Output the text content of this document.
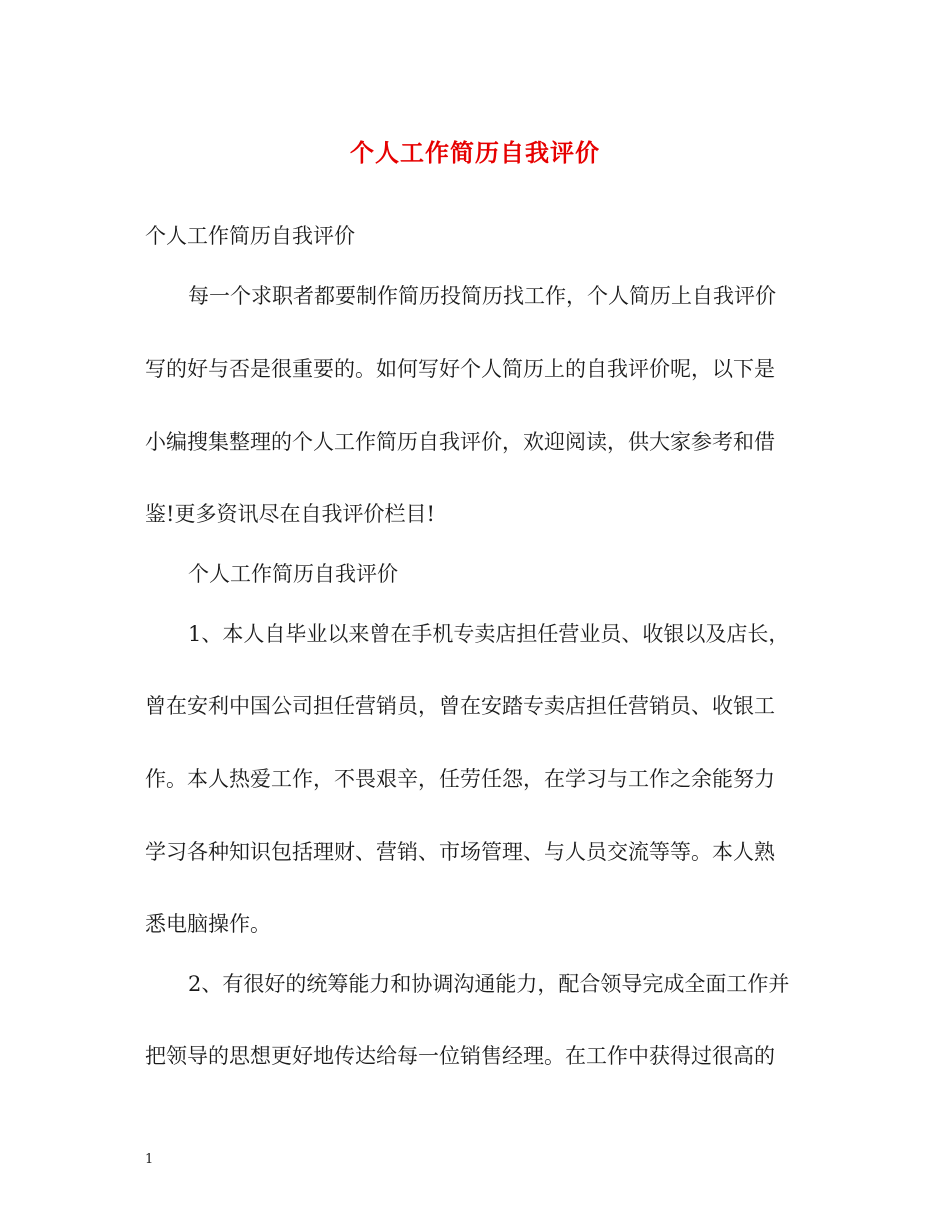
个人工作简历自我评价
个人工作简历自我评价
每一个求职者都要制作简历投简历找工作，个人简历上自我评价
写的好与否是很重要的。如何写好个人简历上的自我评价呢，以下是
小编搜集整理的个人工作简历自我评价，欢迎阅读，供大家参考和借
鉴!更多资讯尽在自我评价栏目!
个人工作简历自我评价
1、本人自毕业以来曾在手机专卖店担任营业员、收银以及店长，
曾在安利中国公司担任营销员，曾在安踏专卖店担任营销员、收银工
作。本人热爱工作，不畏艰辛，任劳任怨，在学习与工作之余能努力
学习各种知识包括理财、营销、市场管理、与人员交流等等。本人熟
悉电脑操作。
2、有很好的统筹能力和协调沟通能力，配合领导完成全面工作并
把领导的思想更好地传达给每一位销售经理。在工作中获得过很高的
1
